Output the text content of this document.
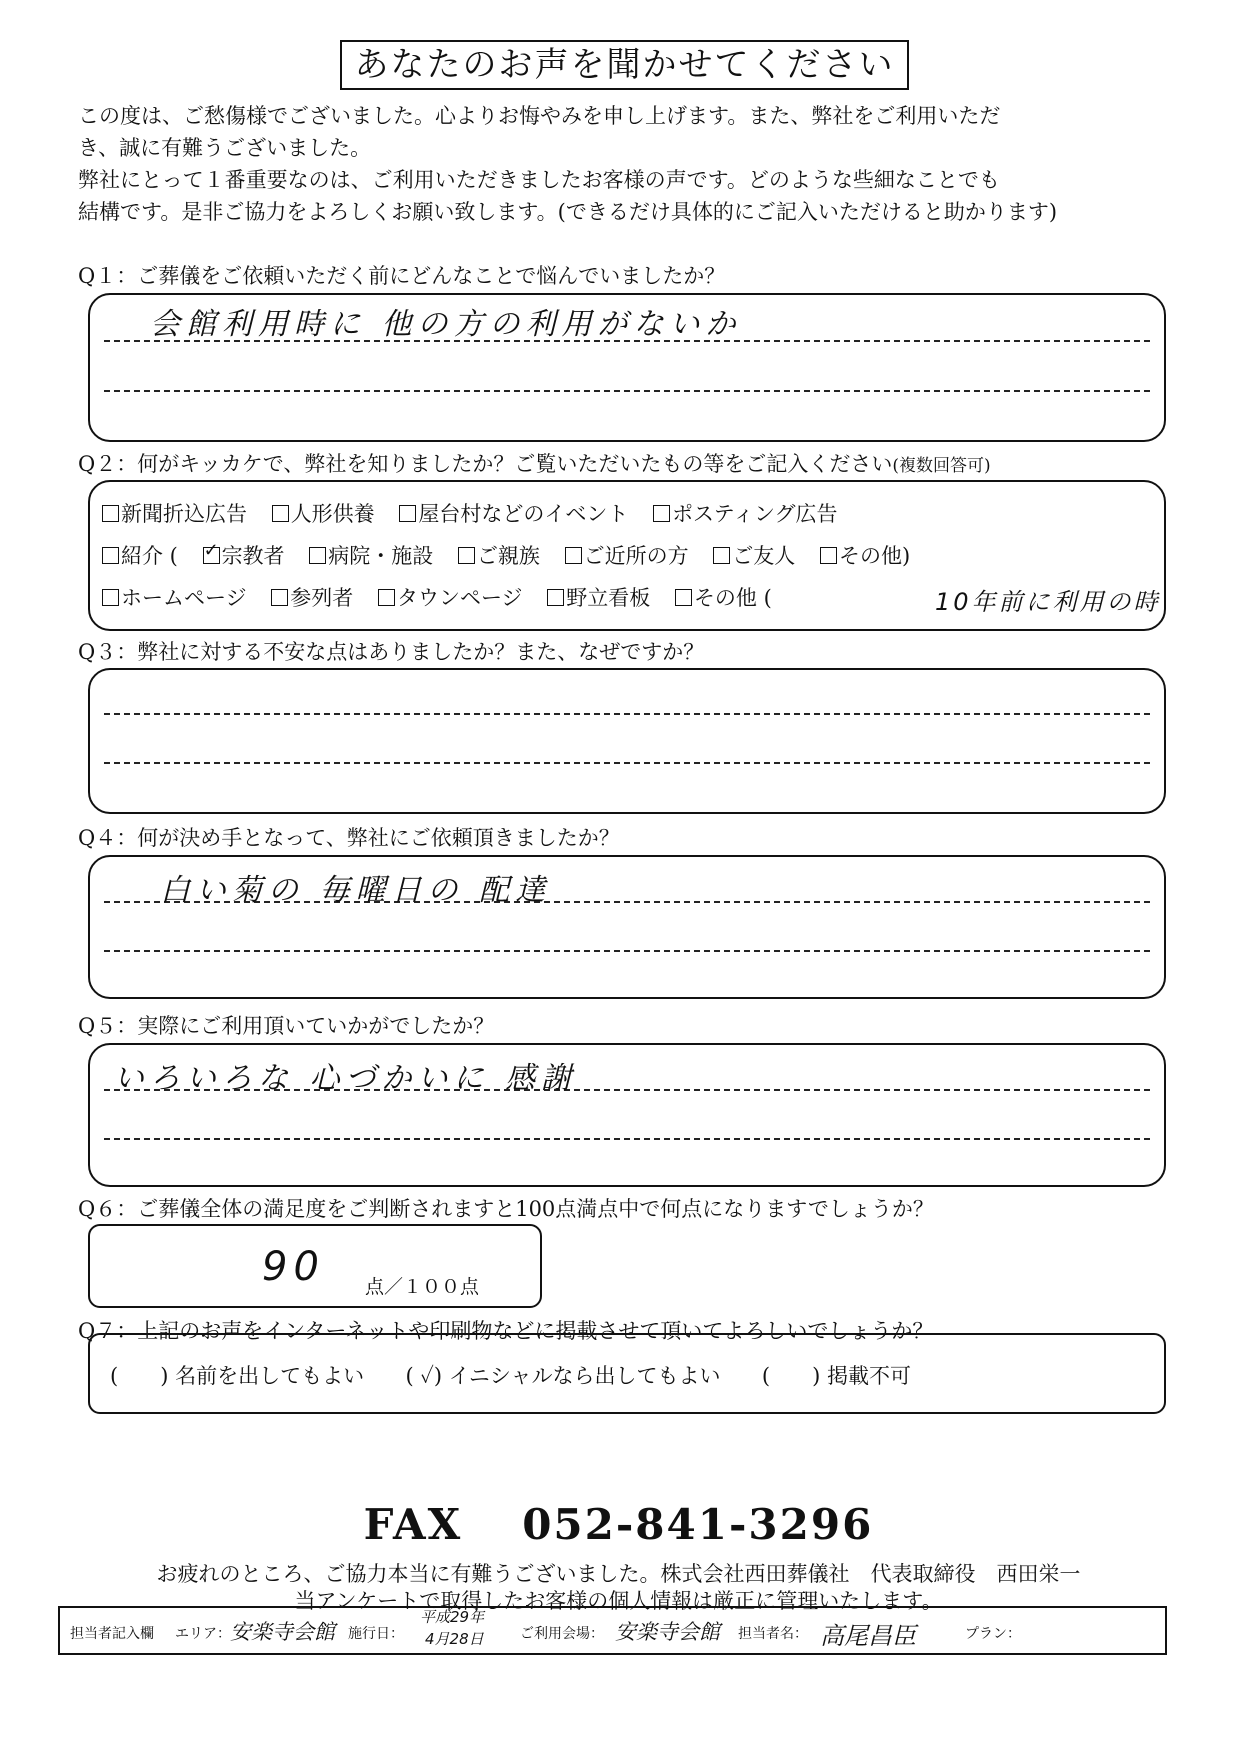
あなたのお声を聞かせてください

この度は、ご愁傷様でございました。心よりお悔やみを申し上げます。また、弊社をご利用いただ

き、誠に有難うございました。

弊社にとって１番重要なのは、ご利用いただきましたお客様の声です。どのような些細なことでも

結構です。是非ご協力をよろしくお願い致します。(できるだけ具体的にご記入いただけると助かります)

Q１：ご葬儀をご依頼いただく前にどんなことで悩んでいましたか？
会館利用時に 他の方の利用がないか
Q２：何がキッカケで、弊社を知りましたか？ご覧いただいたもの等をご記入ください(複数回答可)
新聞折込広告 人形供養 屋台村などのイベント ポスティング広告
紹介 ( ✓ 宗教者 病院・施設 ご親族 ご近所の方 ご友人 その他)
ホームページ 参列者 タウンページ 野立看板 その他 (	10年前に利用の時
Q３：弊社に対する不安な点はありましたか？また、なぜですか？
Q４：何が決め手となって、弊社にご依頼頂きましたか？
白い菊の 毎曜日の 配達
Q５：実際にご利用頂いていかがでしたか？
いろいろな 心づかいに 感謝
Q６：ご葬儀全体の満足度をご判断されますと100点満点中で何点になりますでしょうか？
90 点／１００点
Q７：上記のお声をインターネットや印刷物などに掲載させて頂いてよろしいでしょうか？
(　　) 名前を出してもよい ( ✓) イニシャルなら出してもよい (　　) 掲載不可
FAX 052-841-3296
お疲れのところ、ご協力本当に有難うございました。株式会社西田葬儀社　代表取締役　西田栄一
当アンケートで取得したお客様の個人情報は厳正に管理いたします。
担当者記入欄 エリア： 安楽寺会館 施行日：
平成29年
4月28日	ご利用会場： 安楽寺会館 担当者名： 高尾昌臣	プラン：
